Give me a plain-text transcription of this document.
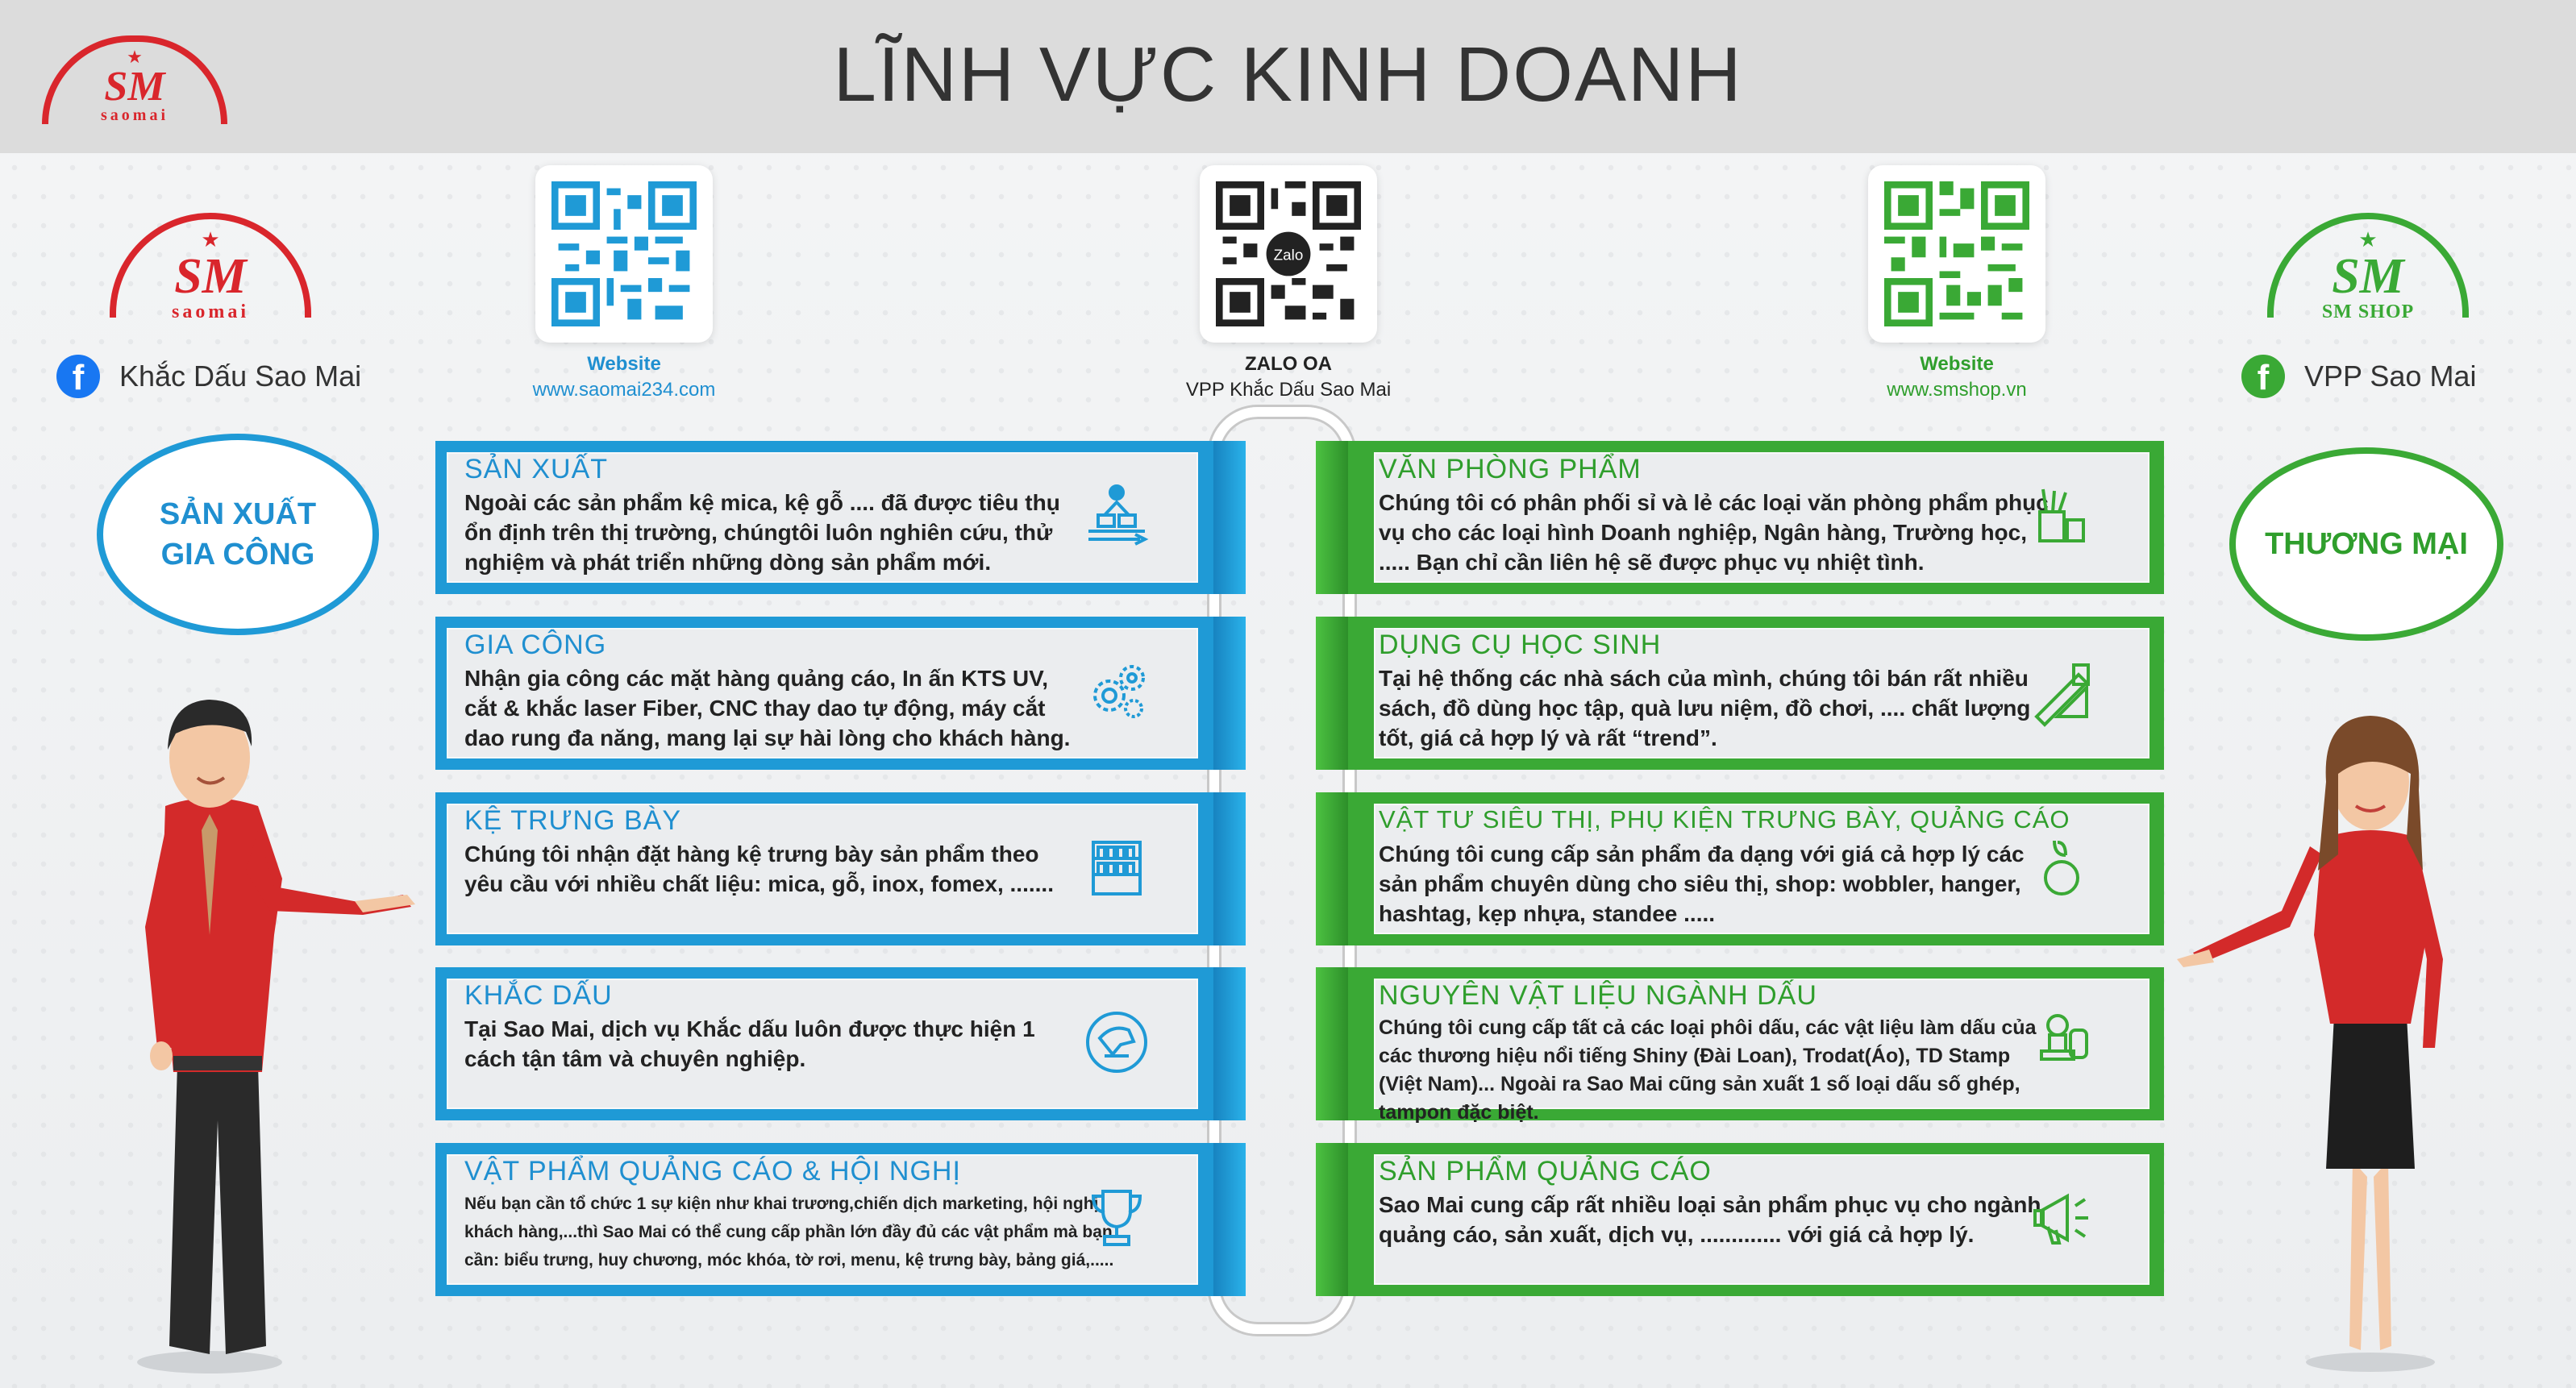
★
SM
saomai	LĨNH VỰC KINH DOANH
★
SM
saomai
f	Khắc Dấu Sao Mai
★
SM
SM SHOP
f	VPP Sao Mai
Website
www.saomai234.com
Zalo
ZALO OA
VPP Khắc Dấu Sao Mai
Website
www.smshop.vn
SẢN XUẤT

Ngoài các sản phẩm kệ mica, kệ gỗ .... đã được tiêu thụ ổn định trên thị trường, chúngtôi luôn nghiên cứu, thử nghiệm và phát triển những dòng sản phẩm mới.

GIA CÔNG

Nhận gia công các mặt hàng quảng cáo, In ấn KTS UV, cắt & khắc laser Fiber, CNC thay dao tự động, máy cắt dao rung đa năng, mang lại sự hài lòng cho khách hàng.

KỆ TRƯNG BÀY

Chúng tôi nhận đặt hàng kệ trưng bày sản phẩm theo yêu cầu với nhiều chất liệu: mica, gỗ, inox, fomex, .......

KHẮC DẤU

Tại Sao Mai, dịch vụ Khắc dấu luôn được thực hiện 1 cách tận tâm và chuyên nghiệp.

VẬT PHẨM QUẢNG CÁO & HỘI NGHỊ

Nếu bạn cần tổ chức 1 sự kiện như khai trương,chiến dịch marketing, hội nghị khách hàng,...thì Sao Mai có thể cung cấp phần lớn đầy đủ các vật phẩm mà bạn cần: biểu trưng, huy chương, móc khóa, tờ rơi, menu, kệ trưng bày, bảng giá,.....

VĂN PHÒNG PHẨM

Chúng tôi có phân phối sỉ và lẻ các loại văn phòng phẩm phục vụ cho các loại hình Doanh nghiệp, Ngân hàng, Trường học, ..... Bạn chỉ cần liên hệ sẽ được phục vụ nhiệt tình.

DỤNG CỤ HỌC SINH

Tại hệ thống các nhà sách của mình, chúng tôi bán rất nhiều sách, đồ dùng học tập, quà lưu niệm, đồ chơi, .... chất lượng tốt, giá cả hợp lý và rất “trend”.

VẬT TƯ SIÊU THỊ, PHỤ KIỆN TRƯNG BÀY, QUẢNG CÁO

Chúng tôi cung cấp sản phẩm đa dạng với giá cả hợp lý các sản phẩm chuyên dùng cho siêu thị, shop: wobbler, hanger, hashtag, kẹp nhựa, standee .....

NGUYÊN VẬT LIỆU NGÀNH DẤU

Chúng tôi cung cấp tất cả các loại phôi dấu, các vật liệu làm dấu của các thương hiệu nổi tiếng Shiny (Đài Loan), Trodat(Áo), TD Stamp (Việt Nam)... Ngoài ra Sao Mai cũng sản xuất 1 số loại dấu số ghép, tampon đặc biệt.

SẢN PHẨM QUẢNG CÁO

Sao Mai cung cấp rất nhiều loại sản phẩm phục vụ cho ngành quảng cáo, sản xuất, dịch vụ, ............. với giá cả hợp lý.

SẢN XUẤT
GIA CÔNG	THƯƠNG MẠI
